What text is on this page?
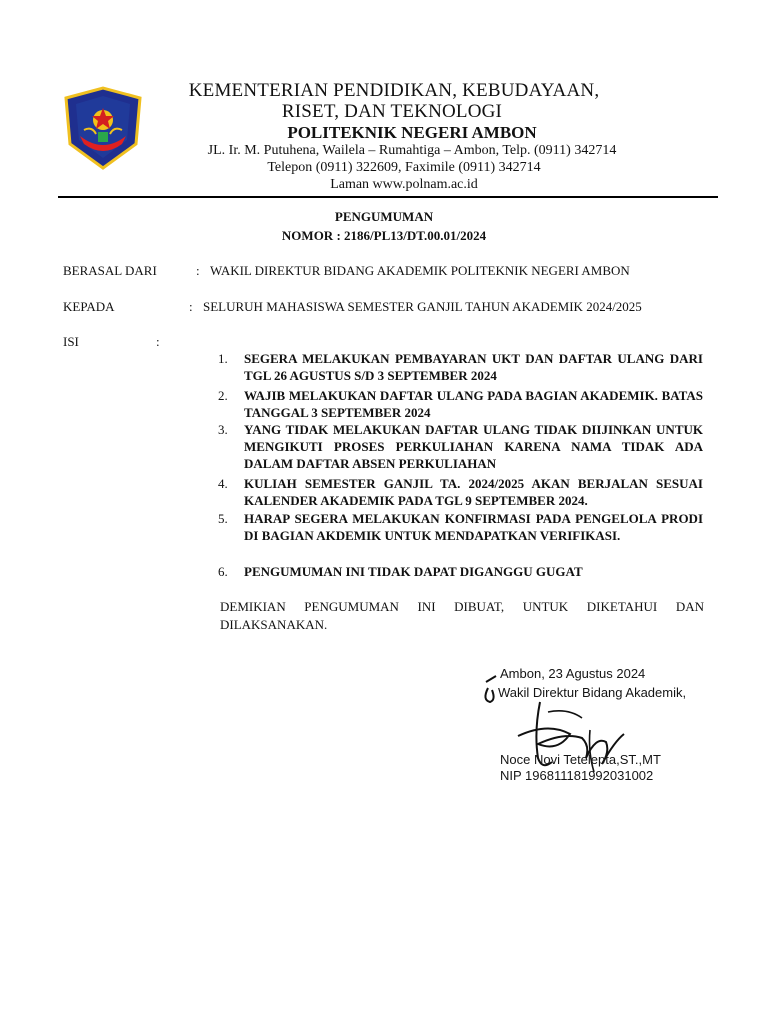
KEMENTERIAN PENDIDIKAN, KEBUDAYAAN,
RISET, DAN TEKNOLOGI
POLITEKNIK NEGERI AMBON
JL. Ir. M. Putuhena, Wailela – Rumahtiga – Ambon, Telp. (0911) 342714
Telepon (0911) 322609, Faximile (0911) 342714
Laman www.polnam.ac.id
PENGUMUMAN
NOMOR : 2186/PL13/DT.00.01/2024
BERASAL DARI	: WAKIL DIREKTUR BIDANG AKADEMIK POLITEKNIK NEGERI AMBON
KEPADA	: SELURUH MAHASISWA SEMESTER GANJIL TAHUN AKADEMIK 2024/2025
ISI	:
1. SEGERA MELAKUKAN PEMBAYARAN UKT DAN DAFTAR ULANG DARI TGL 26 AGUSTUS S/D 3 SEPTEMBER 2024
2. WAJIB MELAKUKAN DAFTAR ULANG PADA BAGIAN AKADEMIK. BATAS TANGGAL 3 SEPTEMBER 2024
3. YANG TIDAK MELAKUKAN DAFTAR ULANG TIDAK DIIJINKAN UNTUK MENGIKUTI PROSES PERKULIAHAN KARENA NAMA TIDAK ADA DALAM DAFTAR ABSEN PERKULIAHAN
4. KULIAH SEMESTER GANJIL TA. 2024/2025 AKAN BERJALAN SESUAI KALENDER AKADEMIK PADA TGL 9 SEPTEMBER 2024.
5. HARAP SEGERA MELAKUKAN KONFIRMASI PADA PENGELOLA PRODI DI BAGIAN AKDEMIK UNTUK MENDAPATKAN VERIFIKASI.
6. PENGUMUMAN INI TIDAK DAPAT DIGANGGU GUGAT
DEMIKIAN PENGUMUMAN INI DIBUAT, UNTUK DIKETAHUI DAN DILAKSANAKAN.
Ambon, 23 Agustus 2024
Wakil Direktur Bidang Akademik,
Noce Novi Tetelepta,ST.,MT
NIP 196811181992031002
